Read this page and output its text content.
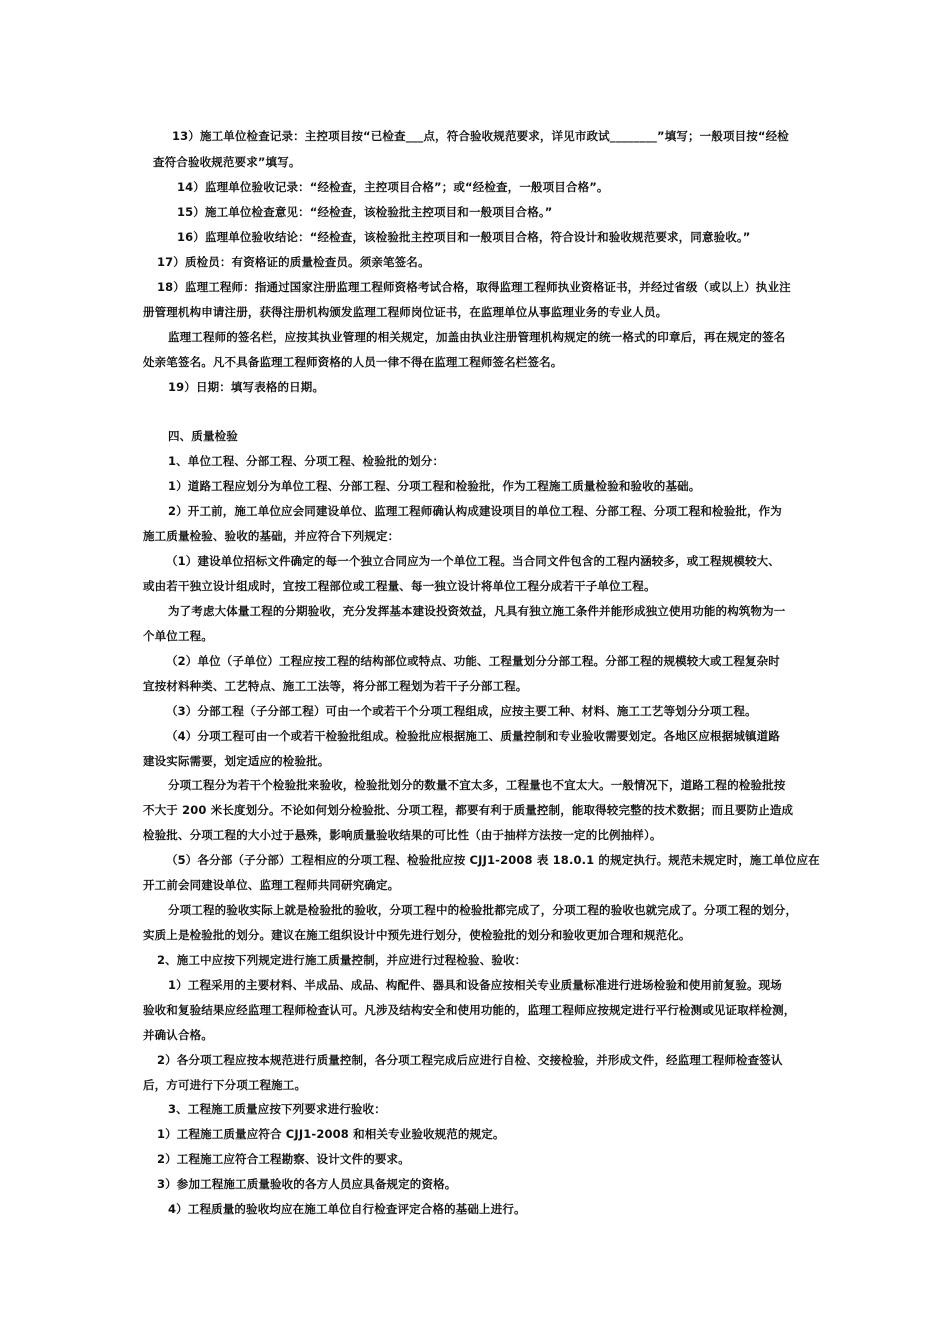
13）施工单位检查记录：主控项目按“已检查___点，符合验收规范要求，详见市政试________”填写；一般项目按“经检
查符合验收规范要求”填写。
14）监理单位验收记录：“经检查，主控项目合格”；或“经检查，一般项目合格”。
15）施工单位检查意见：“经检查，该检验批主控项目和一般项目合格。”
16）监理单位验收结论：“经检查，该检验批主控项目和一般项目合格，符合设计和验收规范要求，同意验收。”
17）质检员：有资格证的质量检查员。须亲笔签名。
18）监理工程师：指通过国家注册监理工程师资格考试合格，取得监理工程师执业资格证书，并经过省级（或以上）执业注
册管理机构申请注册，获得注册机构颁发监理工程师岗位证书，在监理单位从事监理业务的专业人员。
监理工程师的签名栏，应按其执业管理的相关规定，加盖由执业注册管理机构规定的统一格式的印章后，再在规定的签名
处亲笔签名。凡不具备监理工程师资格的人员一律不得在监理工程师签名栏签名。
19）日期：填写表格的日期。
四、质量检验
1、单位工程、分部工程、分项工程、检验批的划分：
1）道路工程应划分为单位工程、分部工程、分项工程和检验批，作为工程施工质量检验和验收的基础。
2）开工前，施工单位应会同建设单位、监理工程师确认构成建设项目的单位工程、分部工程、分项工程和检验批，作为
施工质量检验、验收的基础，并应符合下列规定：
（1）建设单位招标文件确定的每一个独立合同应为一个单位工程。当合同文件包含的工程内涵较多，或工程规模较大、
或由若干独立设计组成时，宜按工程部位或工程量、每一独立设计将单位工程分成若干子单位工程。
为了考虑大体量工程的分期验收，充分发挥基本建设投资效益，凡具有独立施工条件并能形成独立使用功能的构筑物为一
个单位工程。
（2）单位（子单位）工程应按工程的结构部位或特点、功能、工程量划分分部工程。分部工程的规模较大或工程复杂时
宜按材料种类、工艺特点、施工工法等，将分部工程划为若干子分部工程。
（3）分部工程（子分部工程）可由一个或若干个分项工程组成，应按主要工种、材料、施工工艺等划分分项工程。
（4）分项工程可由一个或若干检验批组成。检验批应根据施工、质量控制和专业验收需要划定。各地区应根据城镇道路
建设实际需要，划定适应的检验批。
分项工程分为若干个检验批来验收，检验批划分的数量不宜太多，工程量也不宜太大。一般情况下，道路工程的检验批按
不大于 200 米长度划分。不论如何划分检验批、分项工程，都要有利于质量控制，能取得较完整的技术数据；而且要防止造成
检验批、分项工程的大小过于悬殊，影响质量验收结果的可比性（由于抽样方法按一定的比例抽样）。
（5）各分部（子分部）工程相应的分项工程、检验批应按 CJJ1-2008 表 18.0.1 的规定执行。规范未规定时，施工单位应在
开工前会同建设单位、监理工程师共同研究确定。
分项工程的验收实际上就是检验批的验收，分项工程中的检验批都完成了，分项工程的验收也就完成了。分项工程的划分，
实质上是检验批的划分。建议在施工组织设计中预先进行划分，使检验批的划分和验收更加合理和规范化。
2、施工中应按下列规定进行施工质量控制，并应进行过程检验、验收：
1）工程采用的主要材料、半成品、成品、构配件、器具和设备应按相关专业质量标准进行进场检验和使用前复验。现场
验收和复验结果应经监理工程师检查认可。凡涉及结构安全和使用功能的，监理工程师应按规定进行平行检测或见证取样检测，
并确认合格。
2）各分项工程应按本规范进行质量控制，各分项工程完成后应进行自检、交接检验，并形成文件，经监理工程师检查签认
后，方可进行下分项工程施工。
3、工程施工质量应按下列要求进行验收：
1）工程施工质量应符合 CJJ1-2008 和相关专业验收规范的规定。
2）工程施工应符合工程勘察、设计文件的要求。
3）参加工程施工质量验收的各方人员应具备规定的资格。
4）工程质量的验收均应在施工单位自行检查评定合格的基础上进行。
